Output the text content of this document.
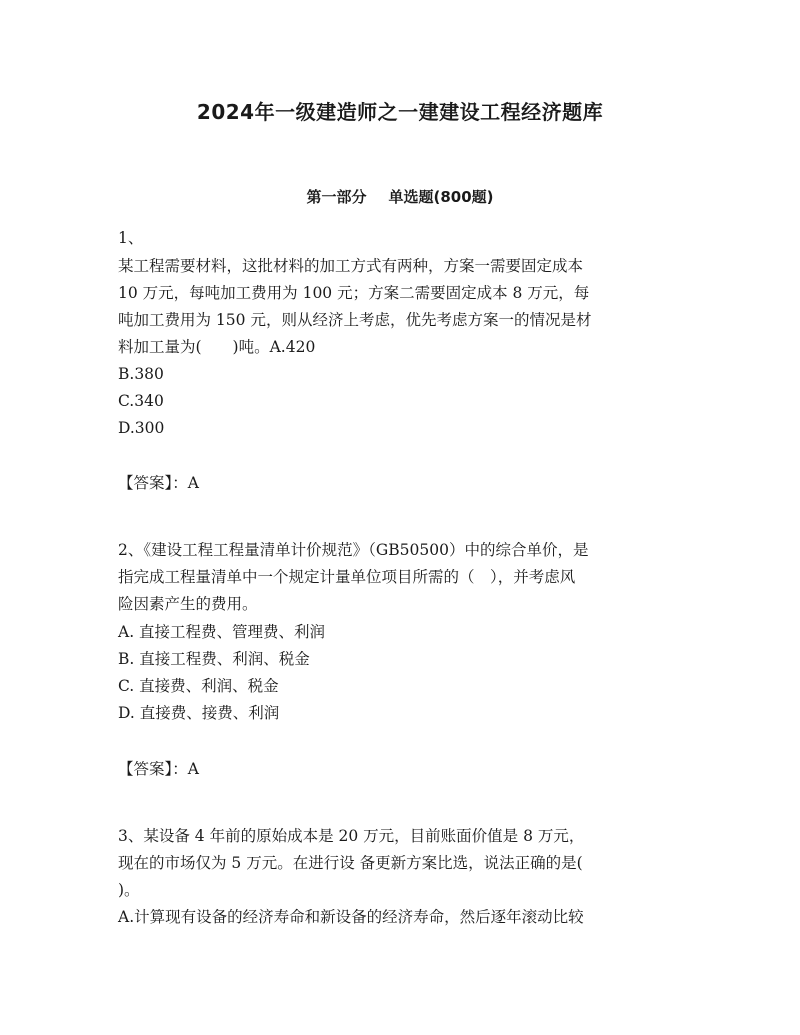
2024年一级建造师之一建建设工程经济题库
第一部分 单选题(800题)
1、
某工程需要材料，这批材料的加工方式有两种，方案一需要固定成本
10 万元，每吨加工费用为 100 元；方案二需要固定成本 8 万元，每
吨加工费用为 150 元，则从经济上考虑，优先考虑方案一的情况是材
料加工量为(　　)吨。A.420
B.380
C.340
D.300
【答案】：A
2、《建设工程工程量清单计价规范》（GB50500）中的综合单价，是
指完成工程量清单中一个规定计量单位项目所需的（　），并考虑风
险因素产生的费用。
A. 直接工程费、管理费、利润
B. 直接工程费、利润、税金
C. 直接费、利润、税金
D. 直接费、接费、利润
【答案】：A
3、某设备 4 年前的原始成本是 20 万元，目前账面价值是 8 万元，
现在的市场仅为 5 万元。在进行设 备更新方案比选，说法正确的是(
)。
A.计算现有设备的经济寿命和新设备的经济寿命，然后逐年滚动比较
